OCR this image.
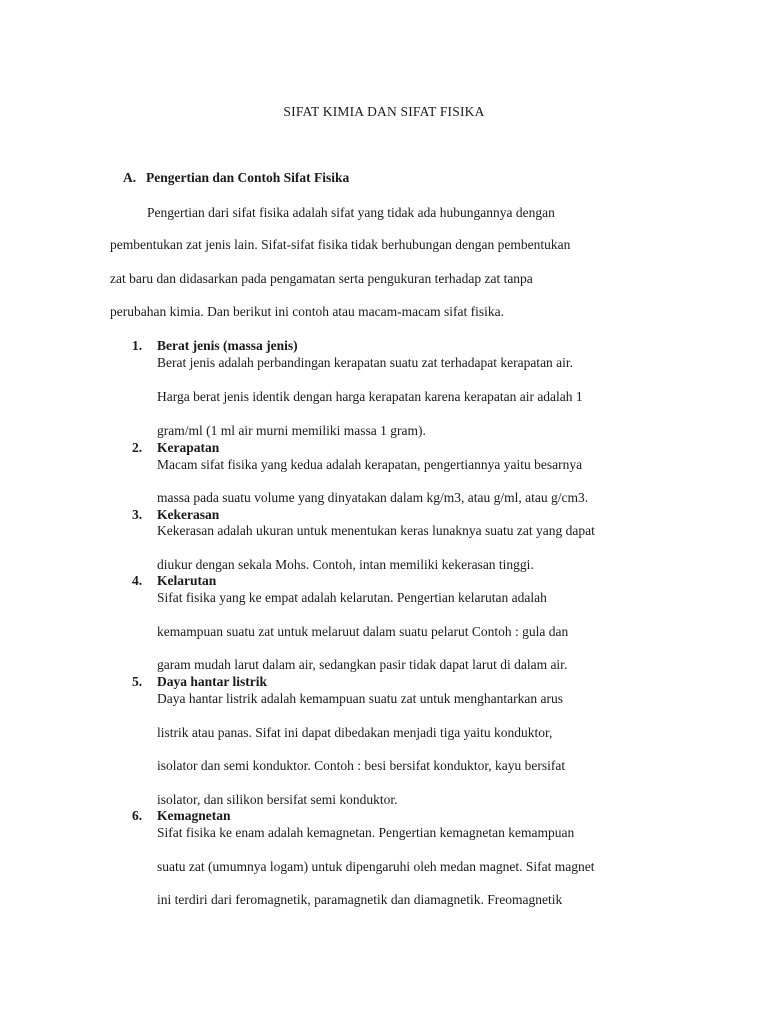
SIFAT KIMIA DAN SIFAT FISIKA
A. Pengertian dan Contoh Sifat Fisika
Pengertian dari sifat fisika adalah sifat yang tidak ada hubungannya dengan
pembentukan zat jenis lain. Sifat-sifat fisika tidak berhubungan dengan pembentukan
zat baru dan didasarkan pada pengamatan serta pengukuran terhadap zat tanpa
perubahan kimia. Dan berikut ini contoh atau macam-macam sifat fisika.
1. Berat jenis (massa jenis)
Berat jenis adalah perbandingan kerapatan suatu zat terhadapat kerapatan air.
Harga berat jenis identik dengan harga kerapatan karena kerapatan air adalah 1
gram/ml (1 ml air murni memiliki massa 1 gram).
2. Kerapatan
Macam sifat fisika yang kedua adalah kerapatan, pengertiannya yaitu besarnya
massa pada suatu volume yang dinyatakan dalam kg/m3, atau g/ml, atau g/cm3.
3. Kekerasan
Kekerasan adalah ukuran untuk menentukan keras lunaknya suatu zat yang dapat
diukur dengan sekala Mohs. Contoh, intan memiliki kekerasan tinggi.
4. Kelarutan
Sifat fisika yang ke empat adalah kelarutan. Pengertian kelarutan adalah
kemampuan suatu zat untuk melaruut dalam suatu pelarut Contoh : gula dan
garam mudah larut dalam air, sedangkan pasir tidak dapat larut di dalam air.
5. Daya hantar listrik
Daya hantar listrik adalah kemampuan suatu zat untuk menghantarkan arus
listrik atau panas. Sifat ini dapat dibedakan menjadi tiga yaitu konduktor,
isolator dan semi konduktor. Contoh : besi bersifat konduktor, kayu bersifat
isolator, dan silikon bersifat semi konduktor.
6. Kemagnetan
Sifat fisika ke enam adalah kemagnetan. Pengertian kemagnetan kemampuan
suatu zat (umumnya logam) untuk dipengaruhi oleh medan magnet. Sifat magnet
ini terdiri dari feromagnetik, paramagnetik dan diamagnetik. Freomagnetik
